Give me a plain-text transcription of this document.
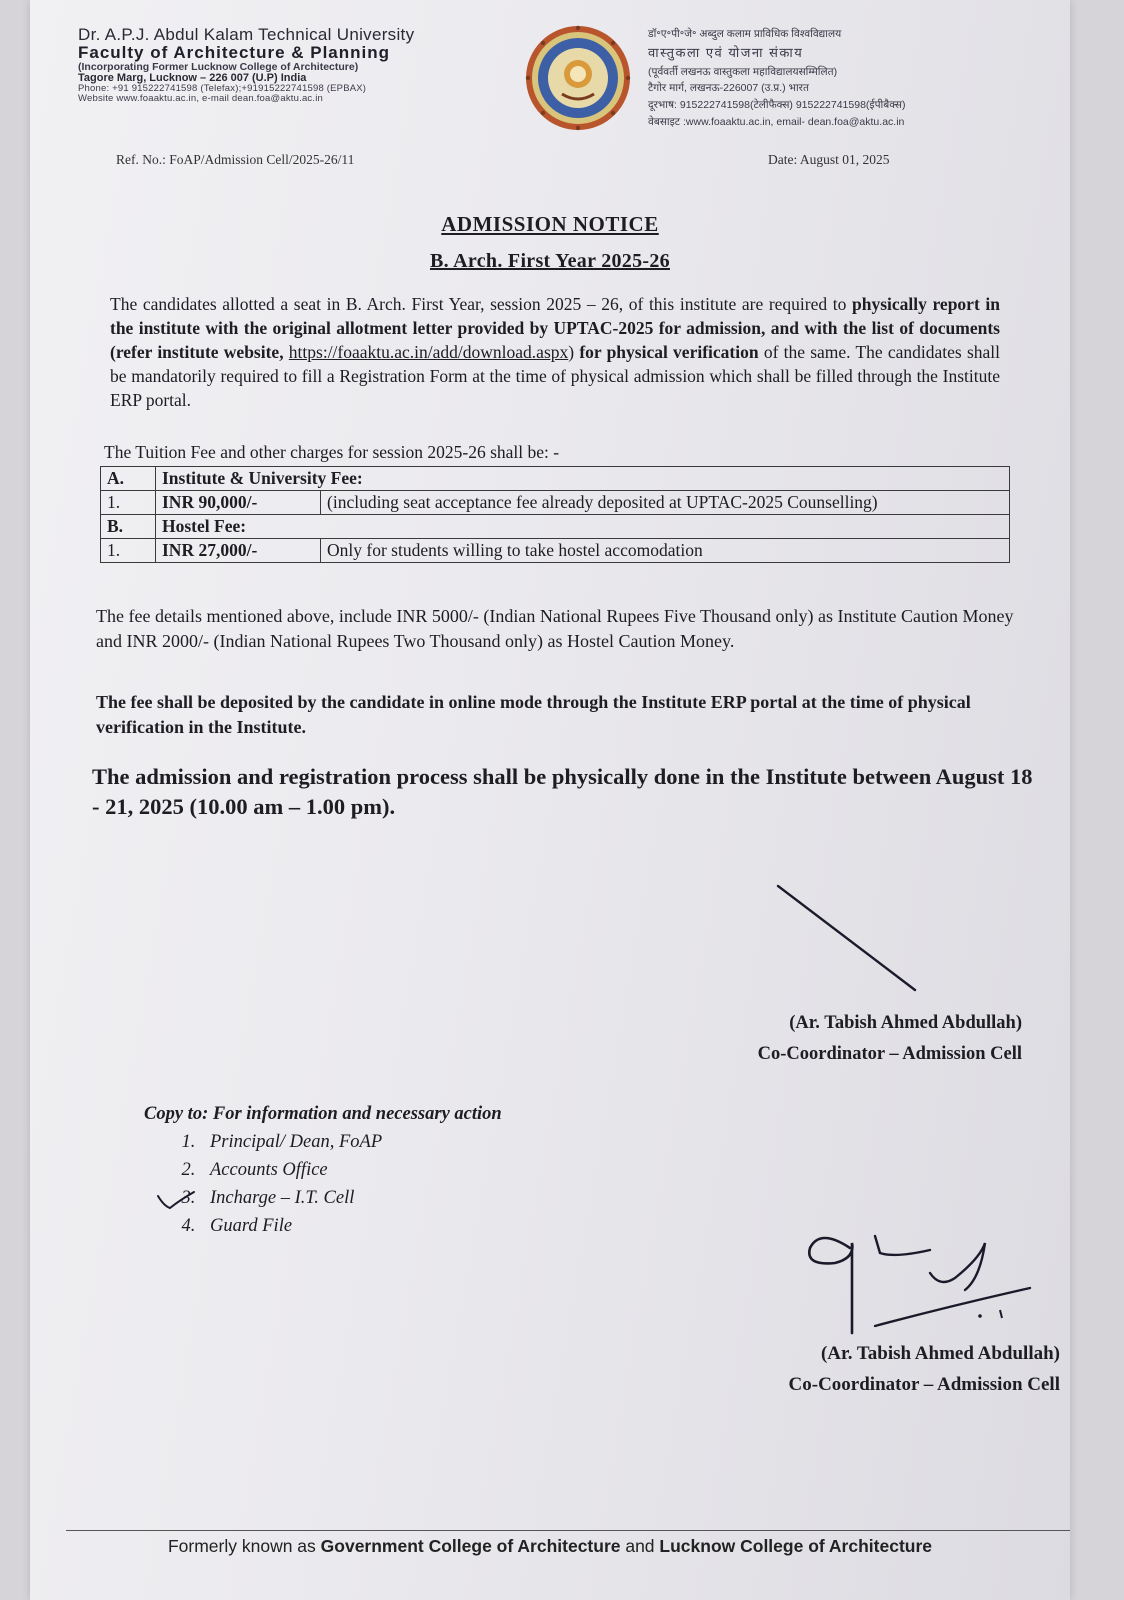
Dr. A.P.J. Abdul Kalam Technical University
Faculty of Architecture & Planning
(Incorporating Former Lucknow College of Architecture)
Tagore Marg, Lucknow – 226 007 (U.P) India
Phone: +91 915222741598 (Telefax);+91915222741598 (EPBAX)
Website www.foaaktu.ac.in, e-mail dean.foa@aktu.ac.in
डॉ॰ए॰पी॰जे॰ अब्दुल कलाम प्राविधिक विश्वविद्यालय
वास्तुकला एवं योजना संकाय
(पूर्ववर्ती लखनऊ वास्तुकला महाविद्यालयसम्मिलित)
टैगोर मार्ग, लखनऊ-226007 (उ.प्र.) भारत
दूरभाष: 915222741598(टेलीफैक्स) 915222741598(ईपीबैक्स)
वेबसाइट :www.foaaktu.ac.in, email- dean.foa@aktu.ac.in
Ref. No.: FoAP/Admission Cell/2025-26/11	Date: August 01, 2025
ADMISSION NOTICE
B. Arch. First Year 2025-26
The candidates allotted a seat in B. Arch. First Year, session 2025 – 26, of this institute are required to physically report in the institute with the original allotment letter provided by UPTAC-2025 for admission, and with the list of documents (refer institute website, https://foaaktu.ac.in/add/download.aspx) for physical verification of the same. The candidates shall be mandatorily required to fill a Registration Form at the time of physical admission which shall be filled through the Institute ERP portal.
The Tuition Fee and other charges for session 2025-26 shall be: -
A.	Institute & University Fee:	
1.	INR 90,000/-	(including seat acceptance fee already deposited at UPTAC-2025 Counselling)
B.	Hostel Fee:	
1.	INR 27,000/-	Only for students willing to take hostel accomodation
The fee details mentioned above, include INR 5000/- (Indian National Rupees Five Thousand only) as Institute Caution Money and INR 2000/- (Indian National Rupees Two Thousand only) as Hostel Caution Money.
The fee shall be deposited by the candidate in online mode through the Institute ERP portal at the time of physical verification in the Institute.
The admission and registration process shall be physically done in the Institute between August 18 - 21, 2025 (10.00 am – 1.00 pm).
(Ar. Tabish Ahmed Abdullah)
Co-Coordinator – Admission Cell
Copy to: For information and necessary action
1. Principal/ Dean, FoAP
2. Accounts Office
3. Incharge – I.T. Cell
4. Guard File
(Ar. Tabish Ahmed Abdullah)
Co-Coordinator – Admission Cell
Formerly known as Government College of Architecture and Lucknow College of Architecture
